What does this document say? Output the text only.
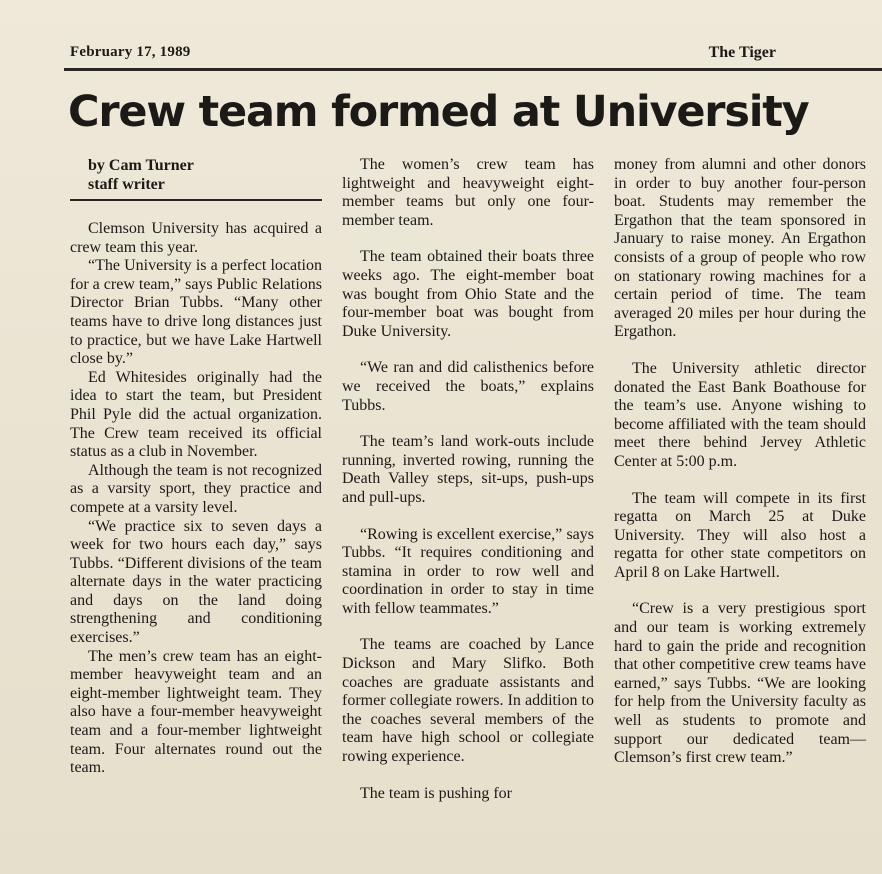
February 17, 1989	The Tiger
Crew team formed at University
by Cam Turner
staff writer

Clemson University has acquired a crew team this year.

“The University is a perfect location for a crew team,” says Public Relations Director Brian Tubbs. “Many other teams have to drive long distances just to practice, but we have Lake Hartwell close by.”

Ed Whitesides originally had the idea to start the team, but President Phil Pyle did the actual organization. The Crew team received its official status as a club in November.

Although the team is not recognized as a varsity sport, they practice and compete at a varsity level.

“We practice six to seven days a week for two hours each day,” says Tubbs. “Different divisions of the team alternate days in the water practicing and days on the land doing strengthening and conditioning exercises.”

The men’s crew team has an eight-member heavyweight team and an eight-member lightweight team. They also have a four-member heavyweight team and a four-member lightweight team. Four alternates round out the team.

The women’s crew team has lightweight and heavyweight eight-member teams but only one four-member team.

The team obtained their boats three weeks ago. The eight-member boat was bought from Ohio State and the four-member boat was bought from Duke University.

“We ran and did calisthenics before we received the boats,” explains Tubbs.

The team’s land work-outs include running, inverted rowing, running the Death Valley steps, sit-ups, push-ups and pull-ups.

“Rowing is excellent exercise,” says Tubbs. “It requires conditioning and stamina in order to row well and coordination in order to stay in time with fellow teammates.”

The teams are coached by Lance Dickson and Mary Slifko. Both coaches are graduate assistants and former collegiate rowers. In addition to the coaches several members of the team have high school or collegiate rowing experience.

The team is pushing for

money from alumni and other donors in order to buy another four-person boat. Students may remember the Ergathon that the team sponsored in January to raise money. An Ergathon consists of a group of people who row on stationary rowing machines for a certain period of time. The team averaged 20 miles per hour during the Ergathon.

The University athletic director donated the East Bank Boathouse for the team’s use. Anyone wishing to become affiliated with the team should meet there behind Jervey Athletic Center at 5:00 p.m.

The team will compete in its first regatta on March 25 at Duke University. They will also host a regatta for other state competitors on April 8 on Lake Hartwell.

“Crew is a very prestigious sport and our team is working extremely hard to gain the pride and recognition that other competitive crew teams have earned,” says Tubbs. “We are looking for help from the University faculty as well as students to promote and support our dedicated team—Clemson’s first crew team.”
